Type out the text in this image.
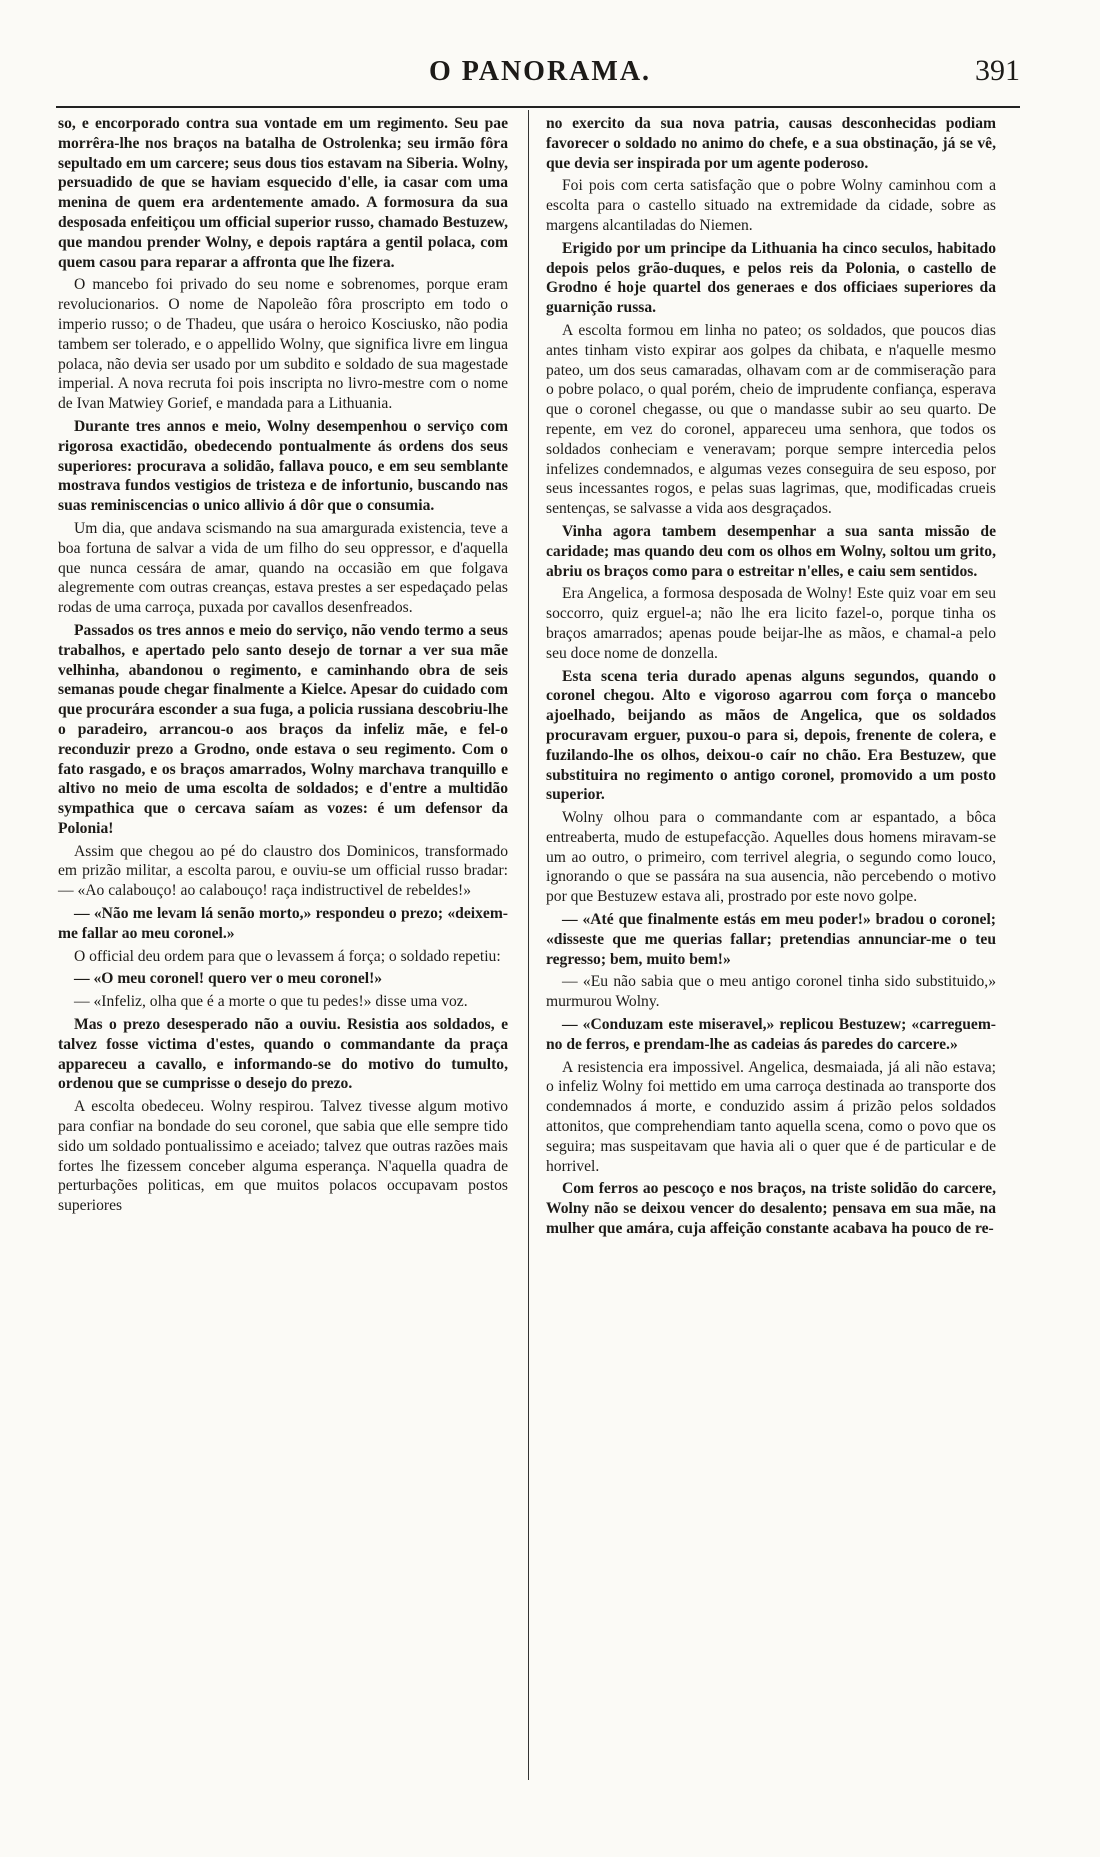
O PANORAMA.	391

so, e encorporado contra sua vontade em um regimento. Seu pae morrêra-lhe nos braços na batalha de Ostrolenka; seu irmão fôra sepultado em um carcere; seus dous tios estavam na Siberia. Wolny, persuadido de que se haviam esquecido d'elle, ia casar com uma menina de quem era ardentemente amado. A formosura da sua desposada enfeitiçou um official superior russo, chamado Bestuzew, que mandou prender Wolny, e depois raptára a gentil polaca, com quem casou para reparar a affronta que lhe fizera.

O mancebo foi privado do seu nome e sobrenomes, porque eram revolucionarios. O nome de Napoleão fôra proscripto em todo o imperio russo; o de Thadeu, que usára o heroico Kosciusko, não podia tambem ser tolerado, e o appellido Wolny, que significa livre em lingua polaca, não devia ser usado por um subdito e soldado de sua magestade imperial. A nova recruta foi pois inscripta no livro-mestre com o nome de Ivan Matwiey Gorief, e mandada para a Lithuania.

Durante tres annos e meio, Wolny desempenhou o serviço com rigorosa exactidão, obedecendo pontualmente ás ordens dos seus superiores: procurava a solidão, fallava pouco, e em seu semblante mostrava fundos vestigios de tristeza e de infortunio, buscando nas suas reminiscencias o unico allivio á dôr que o consumia.

Um dia, que andava scismando na sua amargurada existencia, teve a boa fortuna de salvar a vida de um filho do seu oppressor, e d'aquella que nunca cessára de amar, quando na occasião em que folgava alegremente com outras creanças, estava prestes a ser espedaçado pelas rodas de uma carroça, puxada por cavallos desenfreados.

Passados os tres annos e meio do serviço, não vendo termo a seus trabalhos, e apertado pelo santo desejo de tornar a ver sua mãe velhinha, abandonou o regimento, e caminhando obra de seis semanas poude chegar finalmente a Kielce. Apesar do cuidado com que procurára esconder a sua fuga, a policia russiana descobriu-lhe o paradeiro, arrancou-o aos braços da infeliz mãe, e fel-o reconduzir prezo a Grodno, onde estava o seu regimento. Com o fato rasgado, e os braços amarrados, Wolny marchava tranquillo e altivo no meio de uma escolta de soldados; e d'entre a multidão sympathica que o cercava saíam as vozes: é um defensor da Polonia!

Assim que chegou ao pé do claustro dos Dominicos, transformado em prizão militar, a escolta parou, e ouviu-se um official russo bradar: — «Ao calabouço! ao calabouço! raça indistructivel de rebeldes!»

— «Não me levam lá senão morto,» respondeu o prezo; «deixem-me fallar ao meu coronel.»

O official deu ordem para que o levassem á força; o soldado repetiu:

— «O meu coronel! quero ver o meu coronel!»

— «Infeliz, olha que é a morte o que tu pedes!» disse uma voz.

Mas o prezo desesperado não a ouviu. Resistia aos soldados, e talvez fosse victima d'estes, quando o commandante da praça appareceu a cavallo, e informando-se do motivo do tumulto, ordenou que se cumprisse o desejo do prezo.

A escolta obedeceu. Wolny respirou. Talvez tivesse algum motivo para confiar na bondade do seu coronel, que sabia que elle sempre tido sido um soldado pontualissimo e aceiado; talvez que outras razões mais fortes lhe fizessem conceber alguma esperança. N'aquella quadra de perturbações politicas, em que muitos polacos occupavam postos superiores

no exercito da sua nova patria, causas desconhecidas podiam favorecer o soldado no animo do chefe, e a sua obstinação, já se vê, que devia ser inspirada por um agente poderoso.

Foi pois com certa satisfação que o pobre Wolny caminhou com a escolta para o castello situado na extremidade da cidade, sobre as margens alcantiladas do Niemen.

Erigido por um principe da Lithuania ha cinco seculos, habitado depois pelos grão-duques, e pelos reis da Polonia, o castello de Grodno é hoje quartel dos generaes e dos officiaes superiores da guarnição russa.

A escolta formou em linha no pateo; os soldados, que poucos dias antes tinham visto expirar aos golpes da chibata, e n'aquelle mesmo pateo, um dos seus camaradas, olhavam com ar de commiseração para o pobre polaco, o qual porém, cheio de imprudente confiança, esperava que o coronel chegasse, ou que o mandasse subir ao seu quarto. De repente, em vez do coronel, appareceu uma senhora, que todos os soldados conheciam e veneravam; porque sempre intercedia pelos infelizes condemnados, e algumas vezes conseguira de seu esposo, por seus incessantes rogos, e pelas suas lagrimas, que, modificadas crueis sentenças, se salvasse a vida aos desgraçados.

Vinha agora tambem desempenhar a sua santa missão de caridade; mas quando deu com os olhos em Wolny, soltou um grito, abriu os braços como para o estreitar n'elles, e caiu sem sentidos.

Era Angelica, a formosa desposada de Wolny! Este quiz voar em seu soccorro, quiz erguel-a; não lhe era licito fazel-o, porque tinha os braços amarrados; apenas poude beijar-lhe as mãos, e chamal-a pelo seu doce nome de donzella.

Esta scena teria durado apenas alguns segundos, quando o coronel chegou. Alto e vigoroso agarrou com força o mancebo ajoelhado, beijando as mãos de Angelica, que os soldados procuravam erguer, puxou-o para si, depois, frenente de colera, e fuzilando-lhe os olhos, deixou-o caír no chão. Era Bestuzew, que substituira no regimento o antigo coronel, promovido a um posto superior.

Wolny olhou para o commandante com ar espantado, a bôca entreaberta, mudo de estupefacção. Aquelles dous homens miravam-se um ao outro, o primeiro, com terrivel alegria, o segundo como louco, ignorando o que se passára na sua ausencia, não percebendo o motivo por que Bestuzew estava ali, prostrado por este novo golpe.

— «Até que finalmente estás em meu poder!» bradou o coronel; «disseste que me querias fallar; pretendias annunciar-me o teu regresso; bem, muito bem!»

— «Eu não sabia que o meu antigo coronel tinha sido substituido,» murmurou Wolny.

— «Conduzam este miseravel,» replicou Bestuzew; «carreguem-no de ferros, e prendam-lhe as cadeias ás paredes do carcere.»

A resistencia era impossivel. Angelica, desmaiada, já ali não estava; o infeliz Wolny foi mettido em uma carroça destinada ao transporte dos condemnados á morte, e conduzido assim á prizão pelos soldados attonitos, que comprehendiam tanto aquella scena, como o povo que os seguira; mas suspeitavam que havia ali o quer que é de particular e de horrivel.

Com ferros ao pescoço e nos braços, na triste solidão do carcere, Wolny não se deixou vencer do desalento; pensava em sua mãe, na mulher que amára, cuja affeição constante acabava ha pouco de re-
